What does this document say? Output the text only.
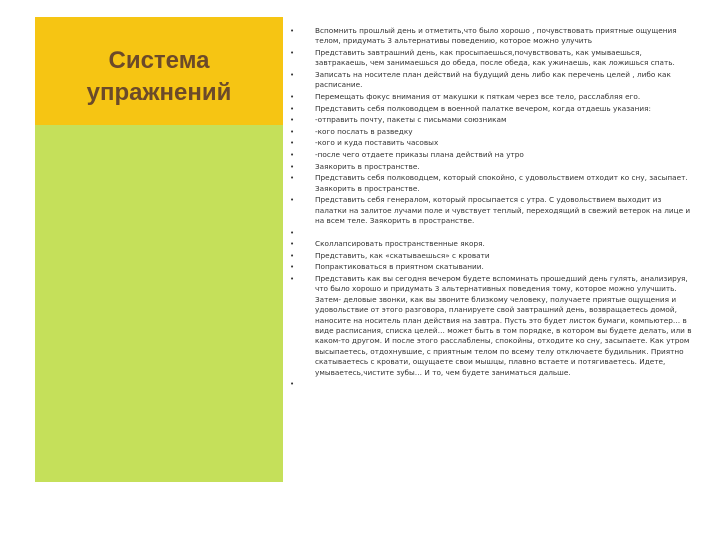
Система
упражнений
•	Вспомнить прошлый день и отметить,что было хорошо , почувствовать приятные ощущения телом, придумать 3 альтернативы поведению, которое можно улучить
•	Представить завтрашний день, как просыпаешься,почувствовать, как умываешься, завтракаешь, чем занимаешься до обеда, после обеда, как ужинаешь, как ложишься спать.
•	Записать на носителе план действий на будущий день либо как перечень целей , либо как расписание.
•	Перемещать фокус внимания от макушки к пяткам через все тело, расслабляя его.
•	Представить себя полководцем в военной палатке вечером, когда отдаешь указания:
•	-отправить почту, пакеты с письмами союзникам
•	-кого послать в разведку
•	-кого и куда поставить часовых
•	-после чего отдаете приказы плана действий на утро
•	Заякорить в пространстве.
•	Представить себя полководцем, который спокойно, с удовольствием отходит ко сну, засыпает. Заякорить в пространстве.
•	Представить себя генералом, который просыпается с утра. С удовольствием выходит из палатки на залитое лучами поле и чувствует теплый, переходящий в свежий ветерок на лице и на всем теле. Заякорить в пространстве.
•
•	Сколлапсировать пространственные якоря.
•	Представить, как «скатываешься» с кровати
•	Попрактиковаться в приятном скатывании.
•	Представить как вы сегодня вечером будете вспоминать прошедший день гулять, анализируя, что было хорошо и придумать 3 альтернативных поведения тому, которое можно улучшить. Затем- деловые звонки, как вы звоните близкому человеку, получаете приятые ощущения и удовольствие от этого разговора, планируете свой завтрашний день, возвращаетесь домой, наносите на носитель план действия на завтра. Пусть это будет листок бумаги, компьютер… в виде расписания, списка целей… может быть в том порядке, в котором вы будете делать, или в каком-то другом. И после этого расслаблены, спокойны, отходите ко сну, засыпаете. Как утром высыпаетесь, отдохнувшие, с приятным телом по всему телу отключаете будильник. Приятно скатываетесь с кровати, ощущаете свои мышцы, плавно встаете и потягиваетесь. Идете, умываетесь,чистите зубы… И то, чем будете заниматься дальше.
•
